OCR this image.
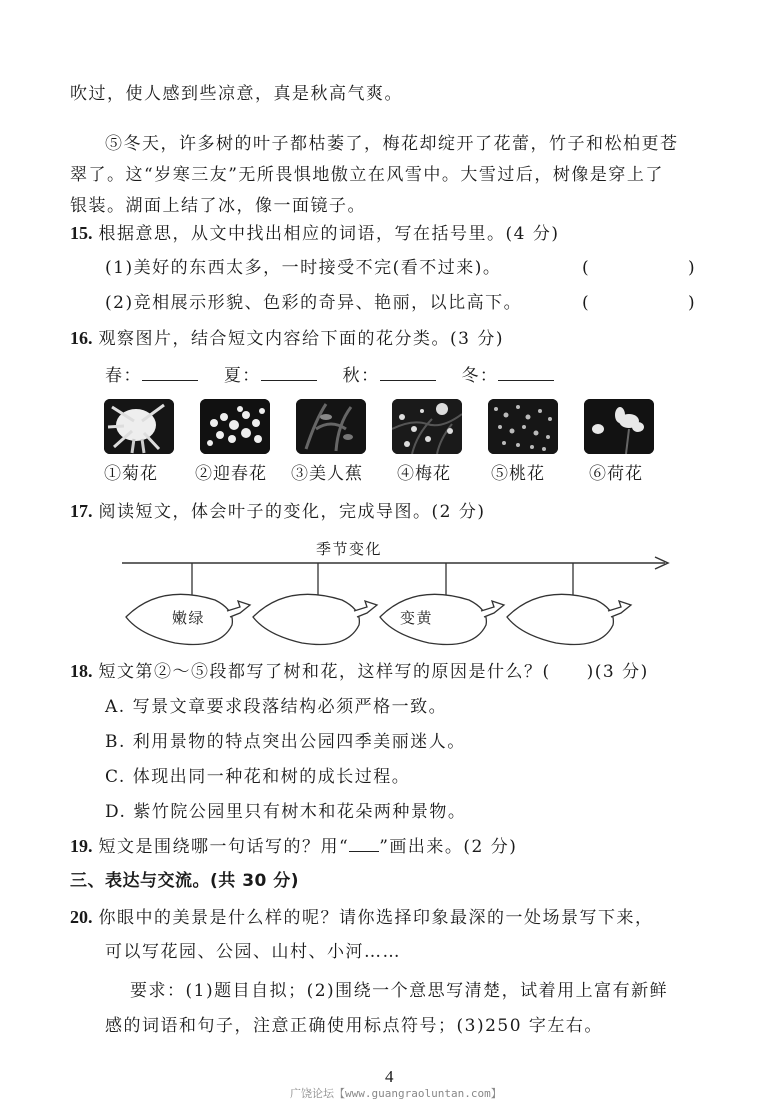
吹过，使人感到些凉意，真是秋高气爽。
⑤冬天，许多树的叶子都枯萎了，梅花却绽开了花蕾，竹子和松柏更苍
翠了。这“岁寒三友”无所畏惧地傲立在风雪中。大雪过后，树像是穿上了
银装。湖面上结了冰，像一面镜子。
15. 根据意思，从文中找出相应的词语，写在括号里。(4 分)
(1)美好的东西太多，一时接受不完(看不过来)。	(	)
(2)竞相展示形貌、色彩的奇异、艳丽，以比高下。	(	)
16. 观察图片，结合短文内容给下面的花分类。(3 分)
春：	夏：	秋：	冬：
①菊花 ②迎春花 ③美人蕉 ④梅花 ⑤桃花	⑥荷花
17. 阅读短文，体会叶子的变化，完成导图。(2 分)
季节变化
嫩绿	变黄
18. 短文第②～⑤段都写了树和花，这样写的原因是什么？( )(3 分)
A. 写景文章要求段落结构必须严格一致。
B. 利用景物的特点突出公园四季美丽迷人。
C. 体现出同一种花和树的成长过程。
D. 紫竹院公园里只有树木和花朵两种景物。
19. 短文是围绕哪一句话写的？用“ ”画出来。(2 分)
三、表达与交流。(共 30 分)
20. 你眼中的美景是什么样的呢？请你选择印象最深的一处场景写下来，
可以写花园、公园、山村、小河……
要求：(1)题目自拟；(2)围绕一个意思写清楚，试着用上富有新鲜
感的词语和句子，注意正确使用标点符号；(3)250 字左右。
4
广饶论坛【www.guangraoluntan.com】
